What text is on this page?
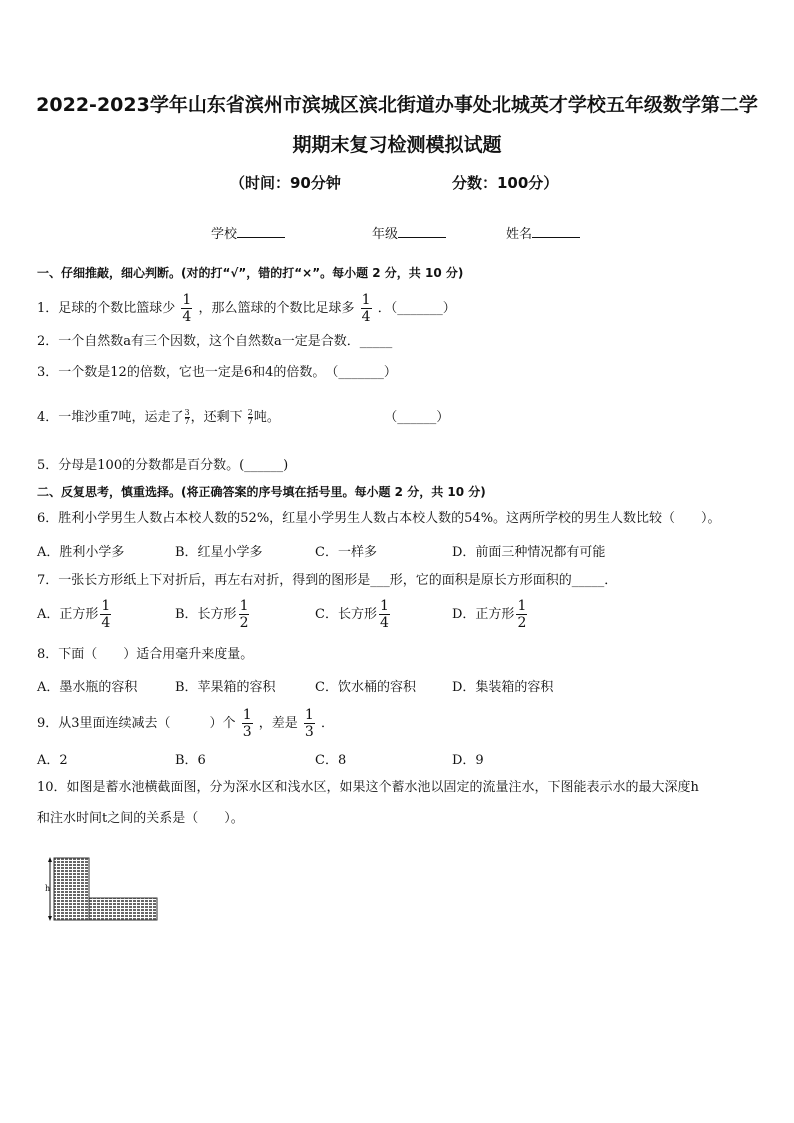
2022-2023学年山东省滨州市滨城区滨北街道办事处北城英才学校五年级数学第二学
期期末复习检测模拟试题
（时间：90分钟	分数：100分）
学校	年级	姓名
一、仔细推敲，细心判断。(对的打“√”，错的打“×”。每小题 2 分，共 10 分)
1．足球的个数比篮球少 $\frac{1}{4}$ ，那么篮球的个数比足球多 $\frac{1}{4}$ ．（_______）
2．一个自然数a有三个因数，这个自然数a一定是合数．_____
3．一个数是12的倍数，它也一定是6和4的倍数。　（_______）
4．一堆沙重7吨，运走了 $\frac{3}{7}$ ，还剩下 $\frac{2}{7}$ 吨。	（______）
5．分母是100的分数都是百分数。(______)
二、反复思考，慎重选择。(将正确答案的序号填在括号里。每小题 2 分，共 10 分)
6．胜利小学男生人数占本校人数的52%，红星小学男生人数占本校人数的54%。这两所学校的男生人数比较（　　）。
A．胜利小学多	B．红星小学多	C．一样多	D．前面三种情况都有可能
7．一张长方形纸上下对折后，再左右对折，得到的图形是___形，它的面积是原长方形面积的_____．
A．正方形 $\frac{1}{4}$	B．长方形 $\frac{1}{2}$	C．长方形 $\frac{1}{4}$	D．正方形 $\frac{1}{2}$
8．下面（　　）适合用毫升来度量。
A．墨水瓶的容积	B．苹果箱的容积	C．饮水桶的容积	D．集装箱的容积
9．从3里面连续减去（　　　）个 $\frac{1}{3}$ ，差是 $\frac{1}{3}$ ．
A．2	B．6	C．8	D．9
10．如图是蓄水池横截面图，分为深水区和浅水区，如果这个蓄水池以固定的流量注水，下图能表示水的最大深度h
和注水时间t之间的关系是（　　）。
h
